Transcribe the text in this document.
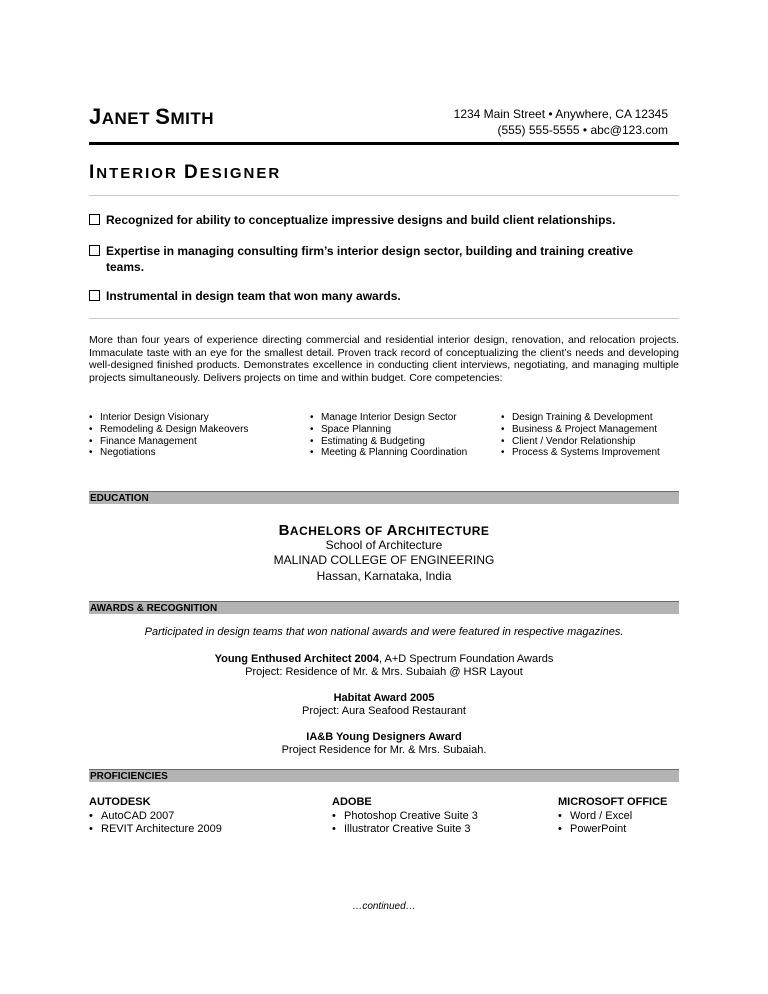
JANET SMITH	1234 Main Street • Anywhere, CA 12345
(555) 555-5555 • abc@123.com
INTERIOR DESIGNER
Recognized for ability to conceptualize impressive designs and build client relationships.
Expertise in managing consulting firm’s interior design sector, building and training creative
teams.
Instrumental in design team that won many awards.
More than four years of experience directing commercial and residential interior design, renovation, and relocation projects. Immaculate taste with an eye for the smallest detail. Proven track record of conceptualizing the client’s needs and developing well-designed finished products. Demonstrates excellence in conducting client interviews, negotiating, and managing multiple projects simultaneously. Delivers projects on time and within budget. Core competencies:
• Interior Design Visionary
• Remodeling & Design Makeovers
• Finance Management
• Negotiations
• Manage Interior Design Sector
• Space Planning
• Estimating & Budgeting
• Meeting & Planning Coordination
• Design Training & Development
• Business & Project Management
• Client / Vendor Relationship
• Process & Systems Improvement
EDUCATION
BACHELORS OF ARCHITECTURE
School of Architecture
MALINAD COLLEGE OF ENGINEERING
Hassan, Karnataka, India
AWARDS & RECOGNITION
Participated in design teams that won national awards and were featured in respective magazines.
Young Enthused Architect 2004, A+D Spectrum Foundation Awards
Project: Residence of Mr. & Mrs. Subaiah @ HSR Layout
Habitat Award 2005
Project: Aura Seafood Restaurant
IA&B Young Designers Award
Project Residence for Mr. & Mrs. Subaiah.
PROFICIENCIES
AUTODESK
• AutoCAD 2007
• REVIT Architecture 2009
ADOBE
• Photoshop Creative Suite 3
• Illustrator Creative Suite 3
MICROSOFT OFFICE
• Word / Excel
• PowerPoint
…continued…
